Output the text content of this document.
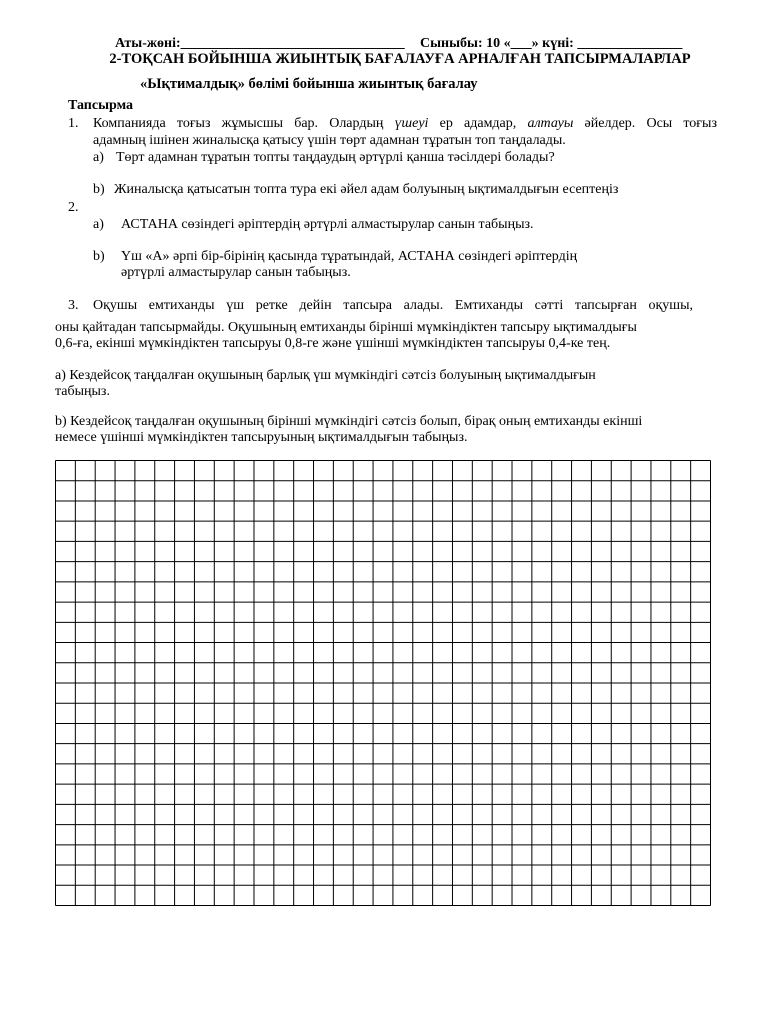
Аты-жөні:________________________________ Сыныбы: 10 «___» күні: _______________
2-ТОҚСАН БОЙЫНША ЖИЫНТЫҚ БАҒАЛАУҒА АРНАЛҒАН ТАПСЫРМАЛАРЛАР
«Ықтималдық» бөлімі бойынша жиынтық бағалау
Тапсырма
1. Компанияда тоғыз жұмысшы бар. Олардың үшеуі ер адамдар, алтауы әйелдер. Осы тоғыз
адамның ішінен жиналысқа қатысу үшін төрт адамнан тұратын топ таңдалады.
a) Төрт адамнан тұратын топты таңдаудың әртүрлі қанша тәсілдері болады?
b) Жиналысқа қатысатын топта тура екі әйел адам болуының ықтималдығын есептеңіз
2.
a) АСТАНА сөзіндегі әріптердің әртүрлі алмастырулар санын табыңыз.
b) Үш «А» әрпі бір-бірінің қасында тұратындай, АСТАНА сөзіндегі әріптердің
әртүрлі алмастырулар санын табыңыз.
3. Оқушы емтиханды үш ретке дейін тапсыра алады. Емтиханды сәтті тапсырған оқушы,
оны қайтадан тапсырмайды. Оқушының емтиханды бірінші мүмкіндіктен тапсыру ықтималдығы
0,6-ға, екінші мүмкіндіктен тапсыруы 0,8-ге және үшінші мүмкіндіктен тапсыруы 0,4-ке тең.
a) Кездейсоқ таңдалған оқушының барлық үш мүмкіндігі сәтсіз болуының ықтималдығын
табыңыз.
b) Кездейсоқ таңдалған оқушының бірінші мүмкіндігі сәтсіз болып, бірақ оның емтиханды екінші
немесе үшінші мүмкіндіктен тапсыруының ықтималдығын табыңыз.
